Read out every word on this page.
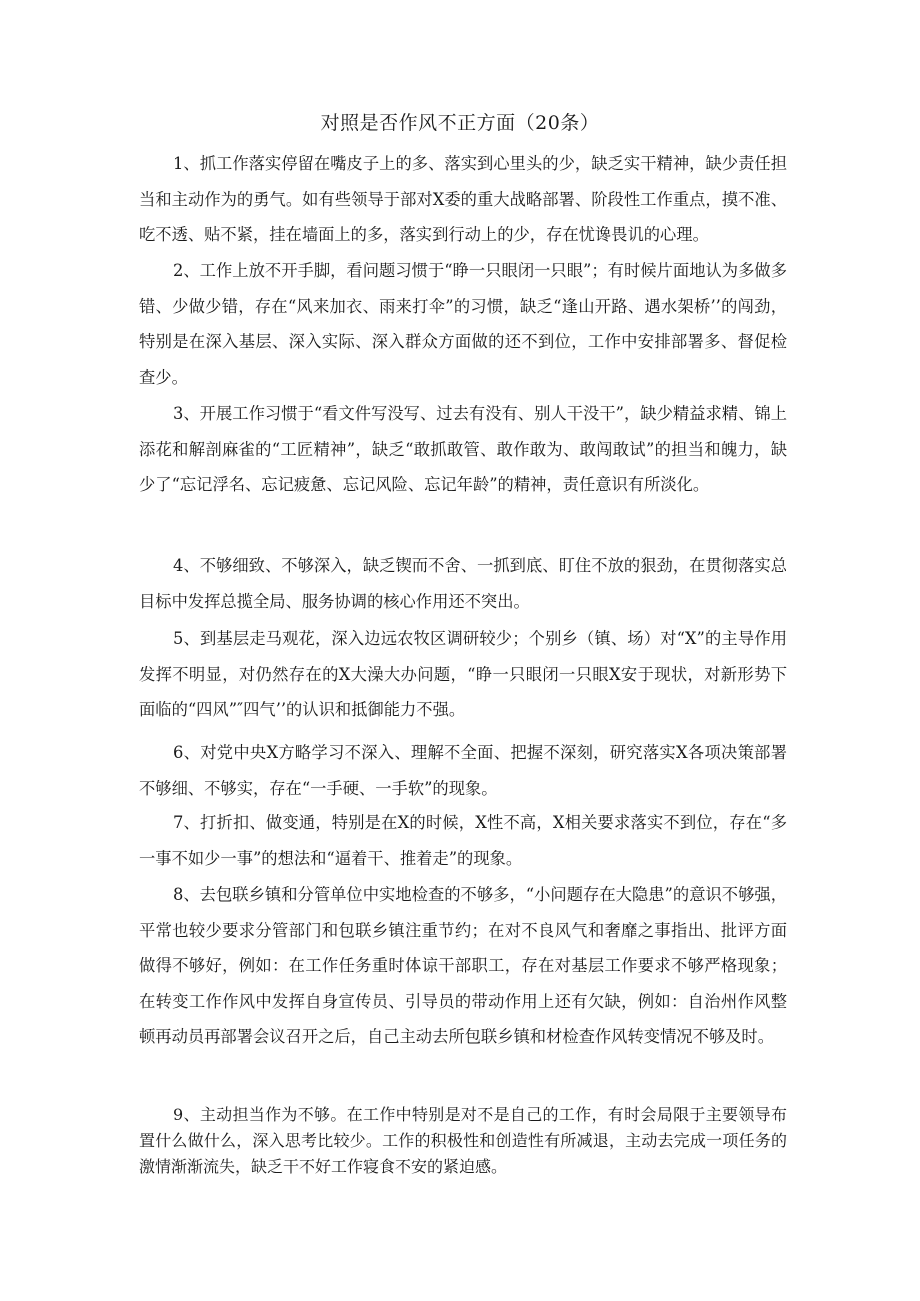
对照是否作风不正方面（20条）

1、抓工作落实停留在嘴皮子上的多、落实到心里头的少，缺乏实干精神，缺少责任担当和主动作为的勇气。如有些领导于部对X委的重大战略部署、阶段性工作重点，摸不准、吃不透、贴不紧，挂在墙面上的多，落实到行动上的少，存在忧谗畏讥的心理。

2、工作上放不开手脚，看问题习惯于“睁一只眼闭一只眼”；有时候片面地认为多做多错、少做少错，存在“风来加衣、雨来打伞”的习惯，缺乏“逢山开路、遇水架桥’’的闯劲，特别是在深入基层、深入实际、深入群众方面做的还不到位，工作中安排部署多、督促检查少。

3、开展工作习惯于“看文件写没写、过去有没有、别人干没干”，缺少精益求精、锦上添花和解剖麻雀的“工匠精神”，缺乏“敢抓敢管、敢作敢为、敢闯敢试”的担当和魄力，缺少了“忘记浮名、忘记疲惫、忘记风险、忘记年龄”的精神，责任意识有所淡化。

4、不够细致、不够深入，缺乏锲而不舍、一抓到底、盯住不放的狠劲，在贯彻落实总目标中发挥总揽全局、服务协调的核心作用还不突出。

5、到基层走马观花，深入边远农牧区调研较少；个别乡（镇、场）对“X”的主导作用发挥不明显，对仍然存在的X大澡大办问题，“睁一只眼闭一只眼X安于现状，对新形势下面临的“四风”″四气’’的认识和抵御能力不强。

6、对党中央X方略学习不深入、理解不全面、把握不深刻，研究落实X各项决策部署不够细、不够实，存在“一手硬、一手软”的现象。

7、打折扣、做变通，特别是在X的时候，X性不高，X相关要求落实不到位，存在“多一事不如少一事”的想法和“逼着干、推着走”的现象。

8、去包联乡镇和分管单位中实地检查的不够多，“小问题存在大隐患”的意识不够强，平常也较少要求分管部门和包联乡镇注重节约；在对不良风气和奢靡之事指出、批评方面做得不够好，例如：在工作任务重时体谅干部职工，存在对基层工作要求不够严格现象；在转变工作作风中发挥自身宣传员、引导员的带动作用上还有欠缺，例如：自治州作风整顿再动员再部署会议召开之后，自己主动去所包联乡镇和材检查作风转变情况不够及时。

9、主动担当作为不够。在工作中特别是对不是自己的工作，有时会局限于主要领导布置什么做什么，深入思考比较少。工作的积极性和创造性有所减退，主动去完成一项任务的激情渐渐流失，缺乏干不好工作寝食不安的紧迫感。
